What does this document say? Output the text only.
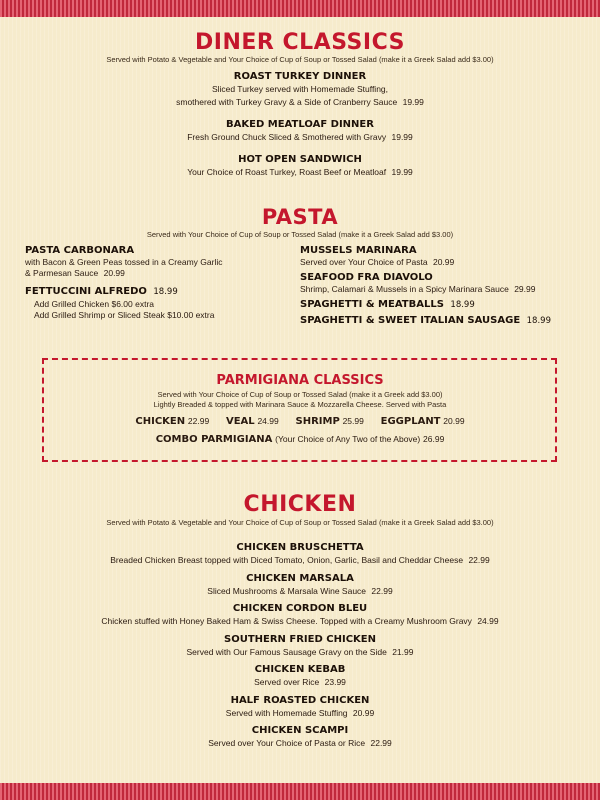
DINER CLASSICS
Served with Potato & Vegetable and Your Choice of Cup of Soup or Tossed Salad (make it a Greek Salad add $3.00)
ROAST TURKEY DINNER
Sliced Turkey served with Homemade Stuffing,
smothered with Turkey Gravy & a Side of Cranberry Sauce 19.99
BAKED MEATLOAF DINNER
Fresh Ground Chuck Sliced & Smothered with Gravy 19.99
HOT OPEN SANDWICH
Your Choice of Roast Turkey, Roast Beef or Meatloaf 19.99
PASTA
Served with Your Choice of Cup of Soup or Tossed Salad (make it a Greek Salad add $3.00)
PASTA CARBONARA
with Bacon & Green Peas tossed in a Creamy Garlic
& Parmesan Sauce 20.99
FETTUCCINI ALFREDO 18.99
Add Grilled Chicken $6.00 extra
Add Grilled Shrimp or Sliced Steak $10.00 extra
MUSSELS MARINARA
Served over Your Choice of Pasta 20.99
SEAFOOD FRA DIAVOLO
Shrimp, Calamari & Mussels in a Spicy Marinara Sauce 29.99
SPAGHETTI & MEATBALLS 18.99
SPAGHETTI & SWEET ITALIAN SAUSAGE 18.99
PARMIGIANA CLASSICS
Served with Your Choice of Cup of Soup or Tossed Salad (make it a Greek add $3.00)
Lightly Breaded & topped with Marinara Sauce & Mozzarella Cheese. Served with Pasta
CHICKEN 22.99 VEAL 24.99 SHRIMP 25.99 EGGPLANT 20.99
COMBO PARMIGIANA (Your Choice of Any Two of the Above) 26.99
CHICKEN
Served with Potato & Vegetable and Your Choice of Cup of Soup or Tossed Salad (make it a Greek Salad add $3.00)
CHICKEN BRUSCHETTA
Breaded Chicken Breast topped with Diced Tomato, Onion, Garlic, Basil and Cheddar Cheese 22.99
CHICKEN MARSALA
Sliced Mushrooms & Marsala Wine Sauce 22.99
CHICKEN CORDON BLEU
Chicken stuffed with Honey Baked Ham & Swiss Cheese. Topped with a Creamy Mushroom Gravy 24.99
SOUTHERN FRIED CHICKEN
Served with Our Famous Sausage Gravy on the Side 21.99
CHICKEN KEBAB
Served over Rice 23.99
HALF ROASTED CHICKEN
Served with Homemade Stuffing 20.99
CHICKEN SCAMPI
Served over Your Choice of Pasta or Rice 22.99
